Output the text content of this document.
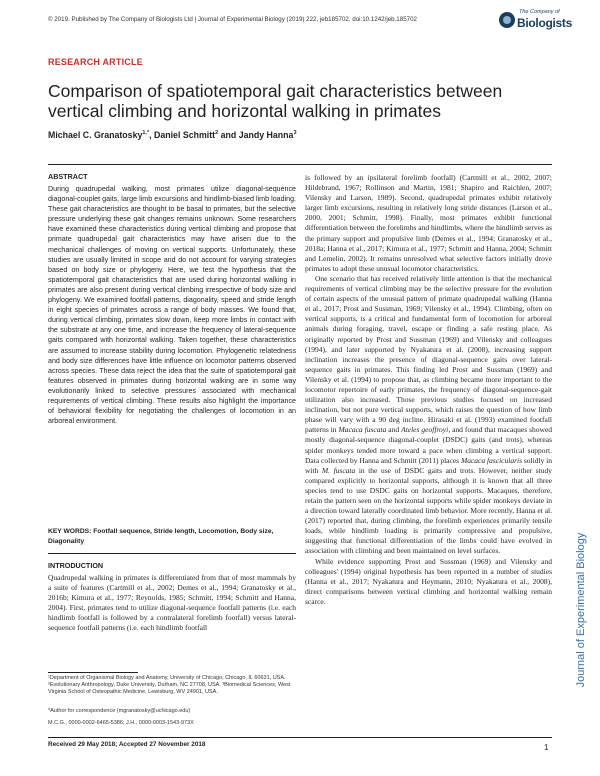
© 2019. Published by The Company of Biologists Ltd | Journal of Experimental Biology (2019) 222, jeb185702. doi:10.1242/jeb.185702
The Company of
Biologists
RESEARCH ARTICLE
Comparison of spatiotemporal gait characteristics between vertical climbing and horizontal walking in primates
Michael C. Granatosky$^{1,*}$, Daniel Schmitt$^2$ and Jandy Hanna$^3$
ABSTRACT
During quadrupedal walking, most primates utilize diagonal-sequence diagonal-couplet gaits, large limb excursions and hindlimb-biased limb loading. These gait characteristics are thought to be basal to primates, but the selective pressure underlying these gait changes remains unknown. Some researchers have examined these characteristics during vertical climbing and propose that primate quadrupedal gait characteristics may have arisen due to the mechanical challenges of moving on vertical supports. Unfortunately, these studies are usually limited in scope and do not account for varying strategies based on body size or phylogeny. Here, we test the hypothesis that the spatiotemporal gait characteristics that are used during horizontal walking in primates are also present during vertical climbing irrespective of body size and phylogeny. We examined footfall patterns, diagonality, speed and stride length in eight species of primates across a range of body masses. We found that, during vertical climbing, primates slow down, keep more limbs in contact with the substrate at any one time, and increase the frequency of lateral-sequence gaits compared with horizontal walking. Taken together, these characteristics are assumed to increase stability during locomotion. Phylogenetic relatedness and body size differences have little influence on locomotor patterns observed across species. These data reject the idea that the suite of spatiotemporal gait features observed in primates during horizontal walking are in some way evolutionarily linked to selective pressures associated with mechanical requirements of vertical climbing. These results also highlight the importance of behavioral flexibility for negotiating the challenges of locomotion in an arboreal environment.
KEY WORDS: Footfall sequence, Stride length, Locomotion, Body size, Diagonality
INTRODUCTION
Quadrupedal walking in primates is differentiated from that of most mammals by a suite of features (Cartmill et al., 2002; Demes et al., 1994; Granatosky et al., 2016b; Kimura et al., 1977; Reynolds, 1985; Schmitt, 1994; Schmitt and Hanna, 2004). First, primates tend to utilize diagonal-sequence footfall patterns (i.e. each hindlimb footfall is followed by a contralateral forelimb footfall) versus lateral-sequence footfall patterns (i.e. each hindlimb footfall

is followed by an ipsilateral forelimb footfall) (Cartmill et al., 2002, 2007; Hildebrand, 1967; Rollinson and Martin, 1981; Shapiro and Raichlen, 2007; Vilensky and Larson, 1989). Second, quadrupedal primates exhibit relatively larger limb excursions, resulting in relatively long stride distances (Larson et al., 2000, 2001; Schmitt, 1998). Finally, most primates exhibit functional differentiation between the forelimbs and hindlimbs, where the hindlimb serves as the primary support and propulsive limb (Demes et al., 1994; Granatosky et al., 2018a; Hanna et al., 2017; Kimura et al., 1977; Schmitt and Hanna, 2004; Schmitt and Lemelin, 2002). It remains unresolved what selective factors initially drove primates to adopt these unusual locomotor characteristics.

One scenario that has received relatively little attention is that the mechanical requirements of vertical climbing may be the selective pressure for the evolution of certain aspects of the unusual pattern of primate quadrupedal walking (Hanna et al., 2017; Prost and Sussman, 1969; Vilensky et al., 1994). Climbing, often on vertical supports, is a critical and fundamental form of locomotion for arboreal animals during foraging, travel, escape or finding a safe resting place. As originally reported by Prost and Sussman (1969) and Vilensky and colleagues (1994), and later supported by Nyakatura et al. (2008), increasing support inclination increases the presence of diagonal-sequence gaits over lateral-sequence gaits in primates. This finding led Prost and Sussman (1969) and Vilensky et al. (1994) to propose that, as climbing became more important to the locomotor repertoire of early primates, the frequency of diagonal-sequence-gait utilization also increased. Those previous studies focused on increased inclination, but not pure vertical supports, which raises the question of how limb phase will vary with a 90 deg incline. Hirasaki et al. (1993) examined footfall patterns in Macaca fuscata and Ateles geoffroyi, and found that macaques showed mostly diagonal-sequence diagonal-couplet (DSDC) gaits (and trots), whereas spider monkeys tended more toward a pace when climbing a vertical support. Data collected by Hanna and Schmitt (2011) places Macaca fascicularis solidly in with M. fuscata in the use of DSDC gaits and trots. However, neither study compared explicitly to horizontal supports, although it is known that all three species tend to use DSDC gaits on horizontal supports. Macaques, therefore, retain the pattern seen on the horizontal supports while spider monkeys deviate in a direction toward laterally coordinated limb behavior. More recently, Hanna et al. (2017) reported that, during climbing, the forelimb experiences primarily tensile loads, while hindlimb loading is primarily compressive and propulsive, suggesting that functional differentiation of the limbs could have evolved in association with climbing and been maintained on level surfaces.

While evidence supporting Prost and Sussman (1969) and Vilensky and colleagues' (1994) original hypothesis has been reported in a number of studies (Hanna et al., 2017; Nyakatura and Heymann, 2010; Nyakatura et al., 2008), direct comparisons between vertical climbing and horizontal walking remain scarce.

¹Department of Organismal Biology and Anatomy, University of Chicago, Chicago, IL 60631, USA. ²Evolutionary Anthropology, Duke University, Durham, NC 27708, USA. ³Biomedical Sciences, West Virginia School of Osteopathic Medicine, Lewisburg, WV 24901, USA.
*Author for correspondence (mgranatosky@uchicago.edu)
M.C.G., 0000-0002-6465-5386; J.H., 0000-0003-1543-973X
Received 29 May 2018; Accepted 27 November 2018	1
Journal of Experimental Biology
